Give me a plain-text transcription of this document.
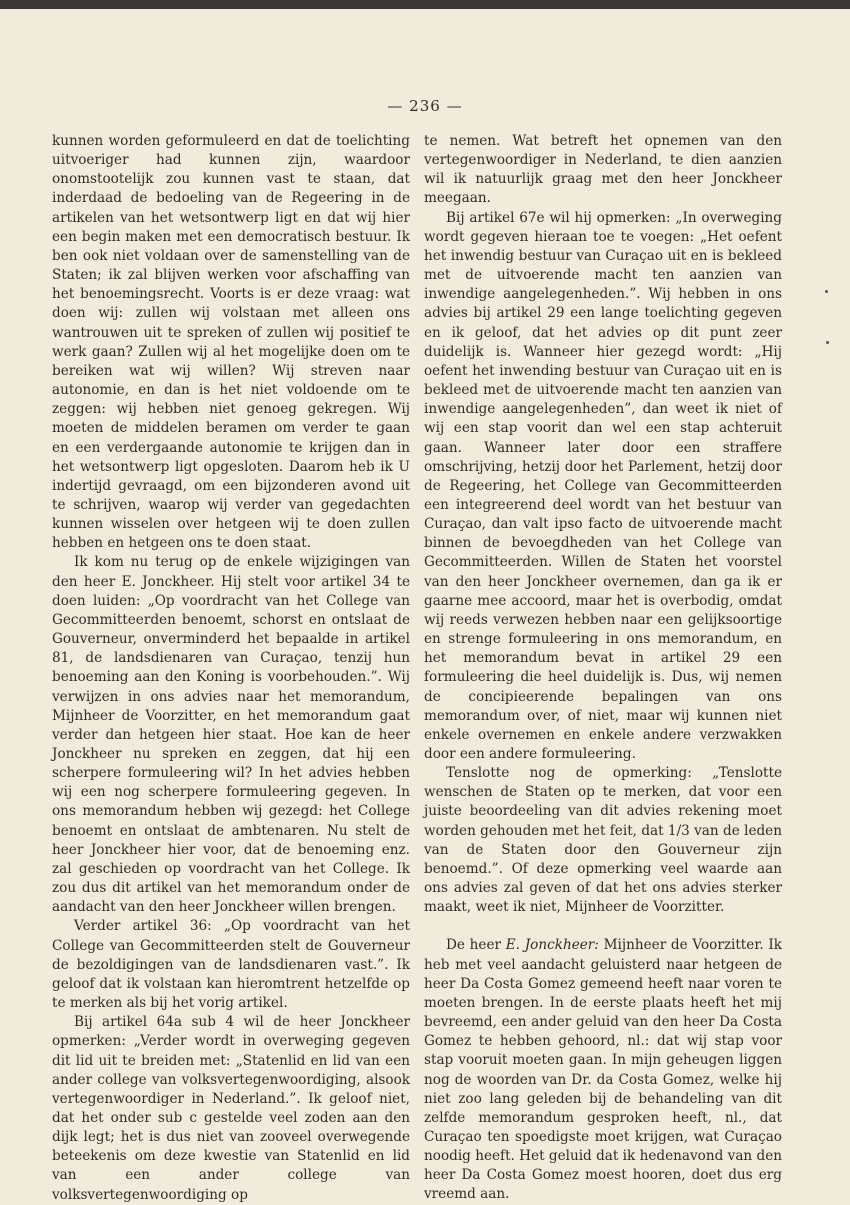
— 236 —

kunnen worden geformuleerd en dat de toelichting uitvoeriger had kunnen zijn, waardoor onomstootelijk zou kunnen vast te staan, dat inderdaad de bedoeling van de Regeering in de artikelen van het wetsontwerp ligt en dat wij hier een begin maken met een democratisch bestuur. Ik ben ook niet voldaan over de samenstelling van de Staten; ik zal blijven werken voor afschaffing van het benoemingsrecht. Voorts is er deze vraag: wat doen wij: zullen wij volstaan met alleen ons wantrouwen uit te spreken of zullen wij positief te werk gaan? Zullen wij al het mogelijke doen om te bereiken wat wij willen? Wij streven naar autonomie, en dan is het niet voldoende om te zeggen: wij hebben niet genoeg gekregen. Wij moeten de middelen beramen om verder te gaan en een verdergaande autonomie te krijgen dan in het wetsontwerp ligt opgesloten. Daarom heb ik U indertijd gevraagd, om een bijzonderen avond uit te schrijven, waarop wij verder van gegedachten kunnen wisselen over hetgeen wij te doen zullen hebben en hetgeen ons te doen staat.

Ik kom nu terug op de enkele wijzigingen van den heer E. Jonckheer. Hij stelt voor artikel 34 te doen luiden: „Op voordracht van het College van Gecommitteerden benoemt, schorst en ontslaat de Gouverneur, onverminderd het bepaalde in artikel 81, de landsdienaren van Curaçao, tenzij hun benoeming aan den Koning is voorbehouden.”. Wij verwijzen in ons advies naar het memorandum, Mijnheer de Voorzitter, en het memorandum gaat verder dan hetgeen hier staat. Hoe kan de heer Jonckheer nu spreken en zeggen, dat hij een scherpere formuleering wil? In het advies hebben wij een nog scherpere formuleering gegeven. In ons memorandum hebben wij gezegd: het College benoemt en ontslaat de ambtenaren. Nu stelt de heer Jonckheer hier voor, dat de benoeming enz. zal geschieden op voordracht van het College. Ik zou dus dit artikel van het memorandum onder de aandacht van den heer Jonckheer willen brengen.

Verder artikel 36: „Op voordracht van het College van Gecommitteerden stelt de Gouverneur de bezoldigingen van de landsdienaren vast.”. Ik geloof dat ik volstaan kan hieromtrent hetzelfde op te merken als bij het vorig artikel.

Bij artikel 64a sub 4 wil de heer Jonckheer opmerken: „Verder wordt in overweging gegeven dit lid uit te breiden met: „Statenlid en lid van een ander college van volksvertegenwoordiging, alsook vertegenwoordiger in Nederland.”. Ik geloof niet, dat het onder sub c gestelde veel zoden aan den dijk legt; het is dus niet van zooveel overwegende beteekenis om deze kwestie van Statenlid en lid van een ander college van volksvertegenwoordiging op

te nemen. Wat betreft het opnemen van den vertegenwoordiger in Nederland, te dien aanzien wil ik natuurlijk graag met den heer Jonckheer meegaan.

Bij artikel 67e wil hij opmerken: „In overweging wordt gegeven hieraan toe te voegen: „Het oefent het inwendig bestuur van Curaçao uit en is bekleed met de uitvoerende macht ten aanzien van inwendige aangelegenheden.”. Wij hebben in ons advies bij artikel 29 een lange toelichting gegeven en ik geloof, dat het advies op dit punt zeer duidelijk is. Wanneer hier gezegd wordt: „Hij oefent het inwending bestuur van Curaçao uit en is bekleed met de uitvoerende macht ten aanzien van inwendige aangelegenheden”, dan weet ik niet of wij een stap voorit dan wel een stap achteruit gaan. Wanneer later door een straffere omschrijving, hetzij door het Parlement, hetzij door de Regeering, het College van Gecommitteerden een integreerend deel wordt van het bestuur van Curaçao, dan valt ipso facto de uitvoerende macht binnen de bevoegdheden van het College van Gecommitteerden. Willen de Staten het voorstel van den heer Jonckheer overnemen, dan ga ik er gaarne mee accoord, maar het is overbodig, omdat wij reeds verwezen hebben naar een gelijksoortige en strenge formuleering in ons memorandum, en het memorandum bevat in artikel 29 een formuleering die heel duidelijk is. Dus, wij nemen de concipieerende bepalingen van ons memorandum over, of niet, maar wij kunnen niet enkele overnemen en enkele andere verzwakken door een andere formuleering.

Tenslotte nog de opmerking: „Tenslotte wenschen de Staten op te merken, dat voor een juiste beoordeeling van dit advies rekening moet worden gehouden met het feit, dat 1/3 van de leden van de Staten door den Gouverneur zijn benoemd.”. Of deze opmerking veel waarde aan ons advies zal geven of dat het ons advies sterker maakt, weet ik niet, Mijnheer de Voorzitter.

De heer E. Jonckheer: Mijnheer de Voorzitter. Ik heb met veel aandacht geluisterd naar hetgeen de heer Da Costa Gomez gemeend heeft naar voren te moeten brengen. In de eerste plaats heeft het mij bevreemd, een ander geluid van den heer Da Costa Gomez te hebben gehoord, nl.: dat wij stap voor stap vooruit moeten gaan. In mijn geheugen liggen nog de woorden van Dr. da Costa Gomez, welke hij niet zoo lang geleden bij de behandeling van dit zelfde memorandum gesproken heeft, nl., dat Curaçao ten spoedigste moet krijgen, wat Curaçao noodig heeft. Het geluid dat ik hedenavond van den heer Da Costa Gomez moest hooren, doet dus erg vreemd aan.
